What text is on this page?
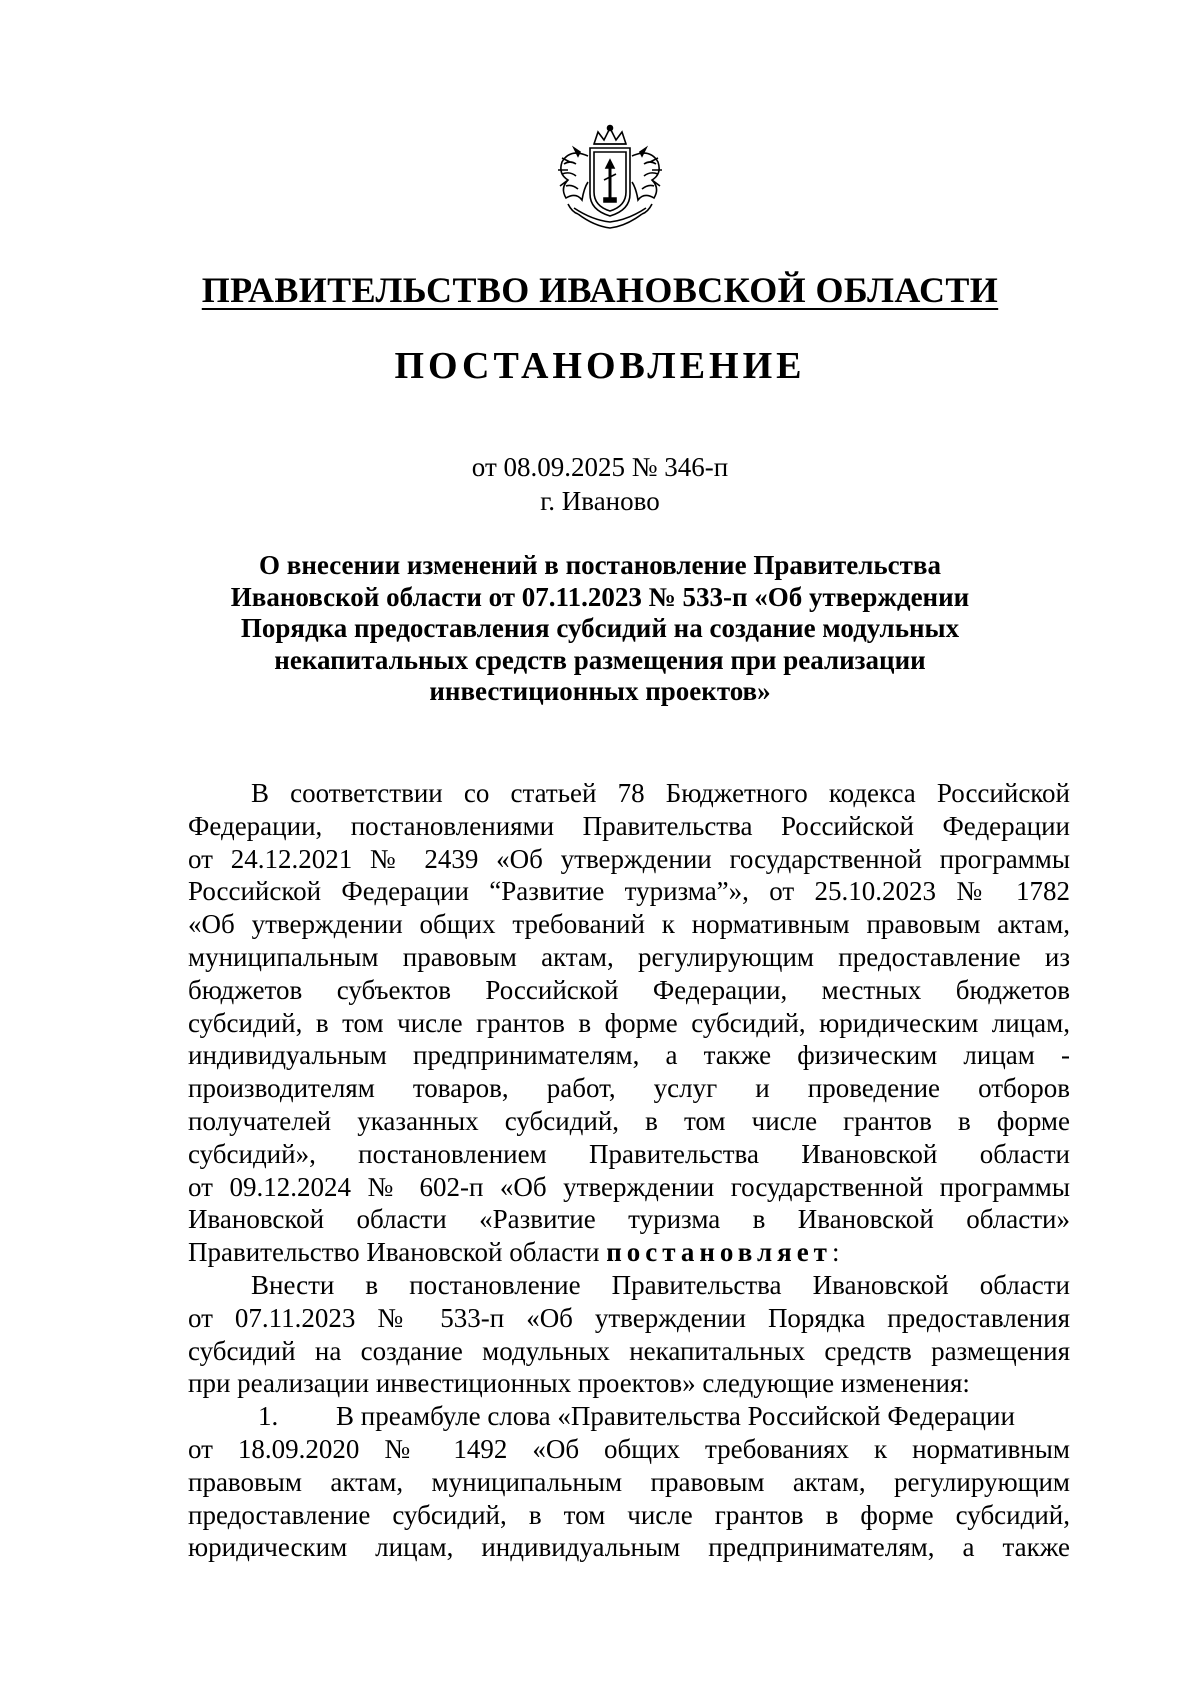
ПРАВИТЕЛЬСТВО ИВАНОВСКОЙ ОБЛАСТИ
ПОСТАНОВЛЕНИЕ
от 08.09.2025 № 346-п
г. Иваново
О внесении изменений в постановление Правительства
Ивановской области от 07.11.2023 № 533-п «Об утверждении
Порядка предоставления субсидий на создание модульных
некапитальных средств размещения при реализации
инвестиционных проектов»
В соответствии со статьей 78 Бюджетного кодекса Российской
Федерации, постановлениями Правительства Российской Федерации
от 24.12.2021 № 2439 «Об утверждении государственной программы
Российской Федерации “Развитие туризма”», от 25.10.2023 № 1782
«Об утверждении общих требований к нормативным правовым актам,
муниципальным правовым актам, регулирующим предоставление из
бюджетов субъектов Российской Федерации, местных бюджетов
субсидий, в том числе грантов в форме субсидий, юридическим лицам,
индивидуальным предпринимателям, а также физическим лицам -
производителям товаров, работ, услуг и проведение отборов
получателей указанных субсидий, в том числе грантов в форме
субсидий», постановлением Правительства Ивановской области
от 09.12.2024 № 602-п «Об утверждении государственной программы
Ивановской области «Развитие туризма в Ивановской области»
Правительство Ивановской области постановляет:
Внести в постановление Правительства Ивановской области
от 07.11.2023 № 533-п «Об утверждении Порядка предоставления
субсидий на создание модульных некапитальных средств размещения
при реализации инвестиционных проектов» следующие изменения:
1. В преамбуле слова «Правительства Российской Федерации
от 18.09.2020 № 1492 «Об общих требованиях к нормативным
правовым актам, муниципальным правовым актам, регулирующим
предоставление субсидий, в том числе грантов в форме субсидий,
юридическим лицам, индивидуальным предпринимателям, а также
